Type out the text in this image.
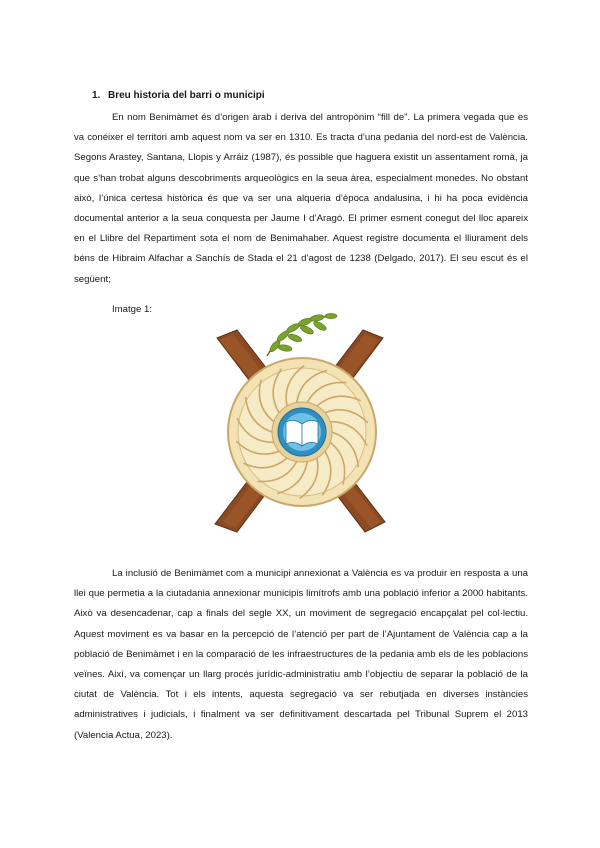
1. Breu historia del barri o municipi

En nom Benimàmet és d’origen àrab i deriva del antropònim “fill de”. La primera vegada que es va conéixer el territori amb aquest nom va ser en 1310. Es tracta d’una pedania del nord-est de València. Segons Arastey, Santana, Llopis y Arráiz (1987), és possible que haguera existit un assentament romà, ja que s’han trobat alguns descobriments arqueològics en la seua àrea, especialment monedes. No obstant això, l’única certesa històrica és que va ser una alqueria d’època andalusina, i hi ha poca evidència documental anterior a la seua conquesta per Jaume I d’Aragó. El primer esment conegut del lloc apareix en el Llibre del Repartiment sota el nom de Benimahaber. Aquest registre documenta el lliurament dels béns de Hibraim Alfachar a Sanchís de Stada el 21 d’agost de 1238 (Delgado, 2017). El seu escut és el següent;

Imatge 1:

La inclusió de Benimàmet com a municipi annexionat a València es va produir en resposta a una llei que permetia a la ciutadania annexionar municipis limítrofs amb una població inferior a 2000 habitants. Això va desencadenar, cap a finals del segle XX, un moviment de segregació encapçalat pel col·lectiu. Aquest moviment es va basar en la percepció de l’atenció per part de l’Ajuntament de València cap a la població de Benimàmet i en la comparació de les infraestructures de la pedania amb els de les poblacions veïnes. Així, va començar un llarg procés jurídic-administratiu amb l’objectiu de separar la població de la ciutat de València. Tot i els intents, aquesta segregació va ser rebutjada en diverses instàncies administratives i judicials, i finalment va ser definitivament descartada pel Tribunal Suprem el 2013 (Valencia Actua, 2023).
